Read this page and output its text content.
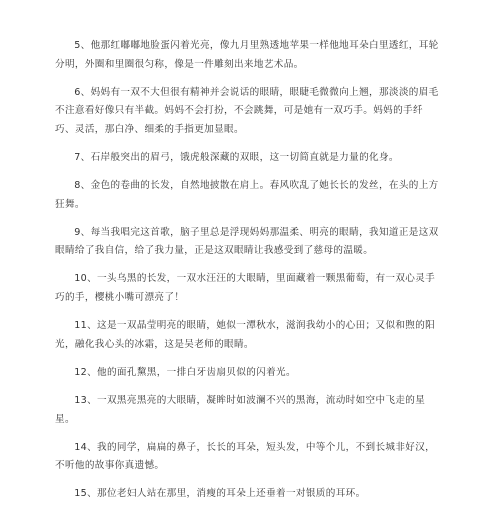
5、他那红嘟嘟地脸蛋闪着光亮，像九月里熟透地苹果一样他地耳朵白里透红，耳轮分明，外圈和里圈很匀称，像是一件雕刻出来地艺术品。

6、妈妈有一双不大但很有精神并会说话的眼睛，眼睫毛微微向上翘，那淡淡的眉毛不注意看好像只有半截。妈妈不会打扮，不会跳舞，可是她有一双巧手。妈妈的手纤巧、灵活，那白净、细柔的手指更加显眼。

7、石岸般突出的眉弓，饿虎般深藏的双眼，这一切简直就是力量的化身。

8、金色的卷曲的长发，自然地披散在肩上。春风吹乱了她长长的发丝，在头的上方狂舞。

9、每当我唱完这首歌，脑子里总是浮现妈妈那温柔、明亮的眼睛，我知道正是这双眼睛给了我自信，给了我力量，正是这双眼睛让我感受到了慈母的温暖。

10、一头乌黑的长发，一双水汪汪的大眼睛，里面藏着一颗黑葡萄，有一双心灵手巧的手，樱桃小嘴可漂亮了！

11、这是一双晶莹明亮的眼睛，她似一潭秋水，滋润我幼小的心田；又似和煦的阳光，融化我心头的冰霜，这是吴老师的眼睛。

12、他的面孔黧黑，一排白牙齿扇贝似的闪着光。

13、一双黑亮黑亮的大眼睛，凝眸时如波澜不兴的黑海，流动时如空中飞走的星星。

14、我的同学，扁扁的鼻子，长长的耳朵，短头发，中等个儿，不到长城非好汉，不听他的故事你真遗憾。

15、那位老妇人站在那里，消瘦的耳朵上还垂着一对银质的耳环。
